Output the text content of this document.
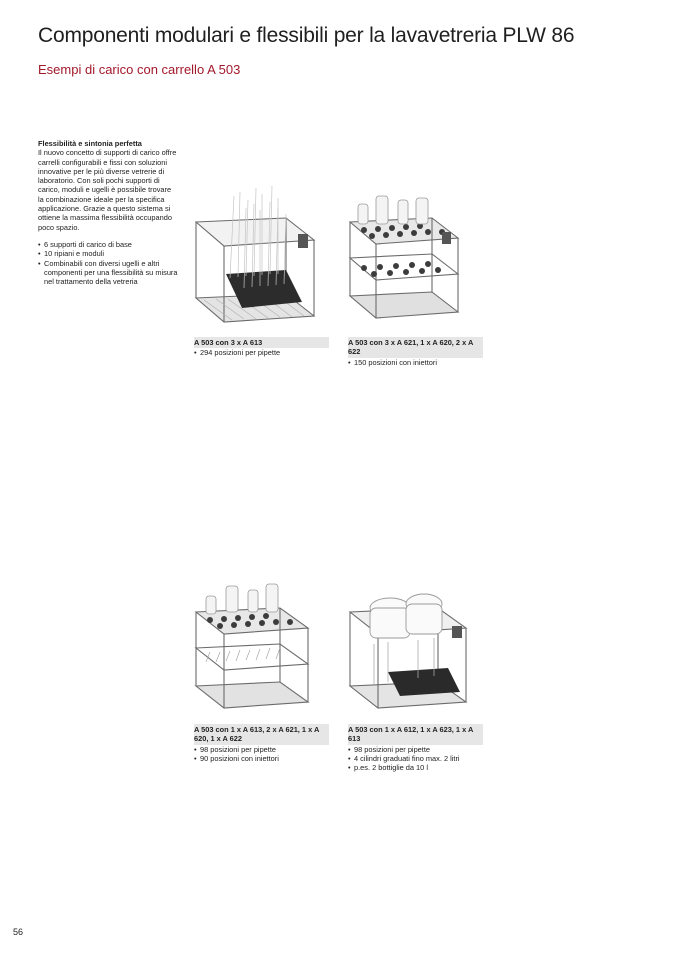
Componenti modulari e flessibili per la lavavetreria PLW 86
Esempi di carico con carrello A 503
Flessibilità e sintonia perfetta

Il nuovo concetto di supporti di carico offre carrelli configurabili e fissi con soluzioni innovative per le più diverse vetrerie di laboratorio. Con soli pochi supporti di carico, moduli e ugelli è possibile trovare la combinazione ideale per la specifica applicazione. Grazie a questo sistema si ottiene la massima flessibilità occupando poco spazio.

• 6 supporti di carico di base
• 10 ripiani e moduli
• Combinabili con diversi ugelli e altri componenti per una flessibilità su misura nel trattamento della vetreria
A 503 con 3 x A 613
• 294 posizioni per pipette
A 503 con 3 x A 621, 1 x A 620, 2 x A 622
• 150 posizioni con iniettori
A 503 con 1 x A 613, 2 x A 621, 1 x A 620, 1 x A 622
• 98 posizioni per pipette
• 90 posizioni con iniettori
A 503 con 1 x A 612, 1 x A 623, 1 x A 613
• 98 posizioni per pipette
• 4 cilindri graduati fino max. 2 litri
• p.es. 2 bottiglie da 10 l
56
